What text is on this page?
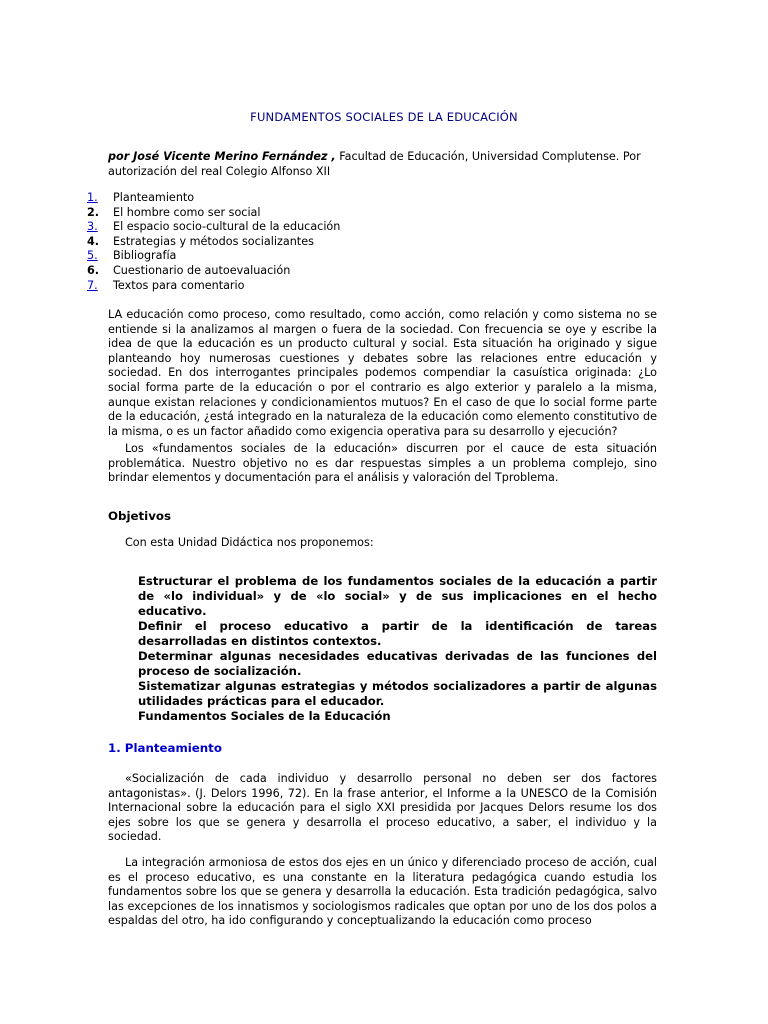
FUNDAMENTOS SOCIALES DE LA EDUCACIÓN
por José Vicente Merino Fernández , Facultad de Educación, Universidad Complutense. Por autorización del real Colegio Alfonso XII
1. Planteamiento
2. El hombre como ser social
3. El espacio socio-cultural de la educación
4. Estrategias y métodos socializantes
5. Bibliografía
6. Cuestionario de autoevaluación
7. Textos para comentario

LA educación como proceso, como resultado, como acción, como relación y como sistema no se entiende si la analizamos al margen o fuera de la sociedad. Con frecuencia se oye y escribe la idea de que la educación es un producto cultural y social. Esta situación ha originado y sigue planteando hoy numerosas cuestiones y debates sobre las relaciones entre educación y sociedad. En dos interrogantes principales podemos compendiar la casuística originada: ¿Lo social forma parte de la educación o por el contrario es algo exterior y paralelo a la misma, aunque existan relaciones y condicionamientos mutuos? En el caso de que lo social forme parte de la educación, ¿está integrado en la naturaleza de la educación como elemento constitutivo de la misma, o es un factor añadido como exigencia operativa para su desarrollo y ejecución?

Los «fundamentos sociales de la educación» discurren por el cauce de esta situación problemática. Nuestro objetivo no es dar respuestas simples a un problema complejo, sino brindar elementos y documentación para el análisis y valoración del Tproblema.

Objetivos
Con esta Unidad Didáctica nos proponemos:
Estructurar el problema de los fundamentos sociales de la educación a partir de «lo individual» y de «lo social» y de sus implicaciones en el hecho educativo.
Definir el proceso educativo a partir de la identificación de tareas desarrolladas en distintos contextos.
Determinar algunas necesidades educativas derivadas de las funciones del proceso de socialización.
Sistematizar algunas estrategias y métodos socializadores a partir de algunas utilidades prácticas para el educador.
Fundamentos Sociales de la Educación
1. Planteamiento

«Socialización de cada individuo y desarrollo personal no deben ser dos factores antagonistas». (J. Delors 1996, 72). En la frase anterior, el Informe a la UNESCO de la Comisión Internacional sobre la educación para el siglo XXI presidida por Jacques Delors resume los dos ejes sobre los que se genera y desarrolla el proceso educativo, a saber, el individuo y la sociedad.

La integración armoniosa de estos dos ejes en un único y diferenciado proceso de acción, cual es el proceso educativo, es una constante en la literatura pedagógica cuando estudia los fundamentos sobre los que se genera y desarrolla la educación. Esta tradición pedagógica, salvo las excepciones de los innatismos y sociologismos radicales que optan por uno de los dos polos a espaldas del otro, ha ido configurando y conceptualizando la educación como proceso
